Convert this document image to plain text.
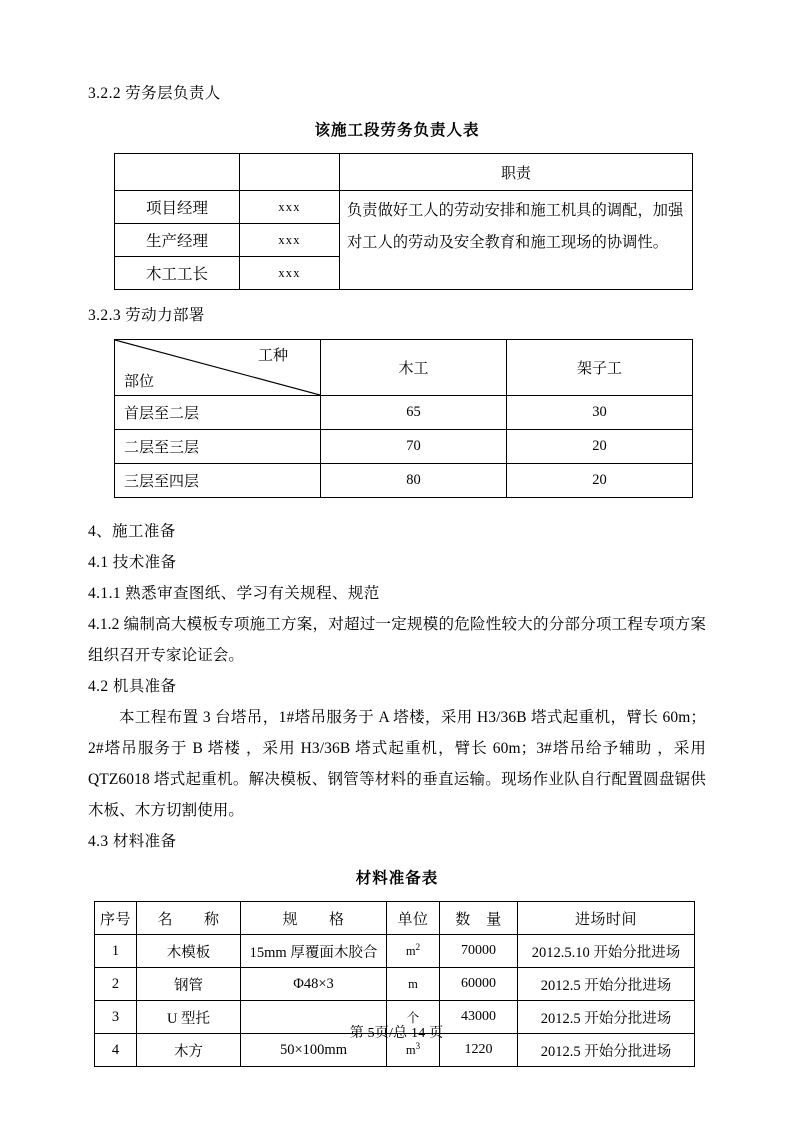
3.2.2 劳务层负责人
该施工段劳务负责人表
		职责
项目经理	xxx	负责做好工人的劳动安排和施工机具的调配，加强对工人的劳动及安全教育和施工现场的协调性。
生产经理	xxx	
木工工长	xxx	
3.2.3 劳动力部署
工种
部位	木工	架子工
首层至二层	65	30
二层至三层	70	20
三层至四层	80	20
4、施工准备
4.1 技术准备
4.1.1 熟悉审查图纸、学习有关规程、规范
4.1.2 编制高大模板专项施工方案，对超过一定规模的危险性较大的分部分项工程专项方案组织召开专家论证会。
4.2 机具准备
本工程布置 3 台塔吊，1#塔吊服务于 A 塔楼，采用 H3/36B 塔式起重机，臂长 60m；2#塔吊服务于 B 塔楼 ，采用 H3/36B 塔式起重机，臂长 60m；3#塔吊给予辅助 ，采用 QTZ6018 塔式起重机。解决模板、钢管等材料的垂直运输。现场作业队自行配置圆盘锯供木板、木方切割使用。
4.3 材料准备
材料准备表
序号	名　　称	规　　格	单位	数　量	进场时间
1	木模板	15mm 厚覆面木胶合	$m^2$	70000	2012.5.10 开始分批进场
2	钢管	Φ48×3	m	60000	2012.5 开始分批进场
3	U 型托		个	43000	2012.5 开始分批进场
4	木方	50×100mm	$m^3$	1220	2012.5 开始分批进场
第 5页/总 14 页
